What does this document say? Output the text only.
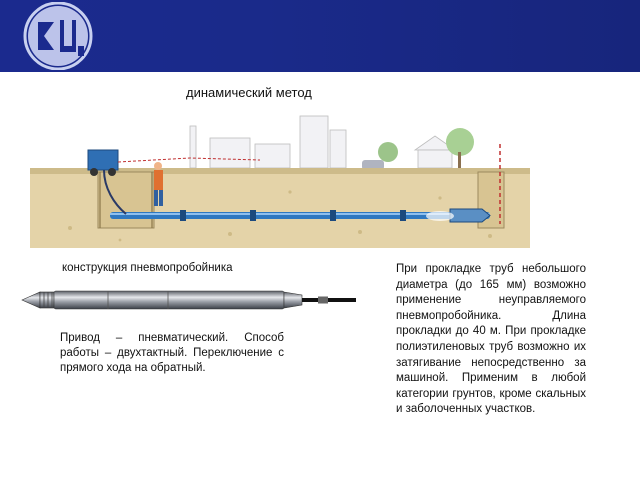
динамический метод
конструкция пневмопробойника
Привод – пневматический. Способ работы – двухтактный. Переключение с прямого хода на обратный.
При прокладке труб небольшого диаметра (до 165 мм) возможно применение неуправляемого пневмопробойника. Длина прокладки до 40 м. При прокладке полиэтиленовых труб возможно их затягивание непосредственно за машиной. Применим в любой категории грунтов, кроме скальных и заболоченных участков.
